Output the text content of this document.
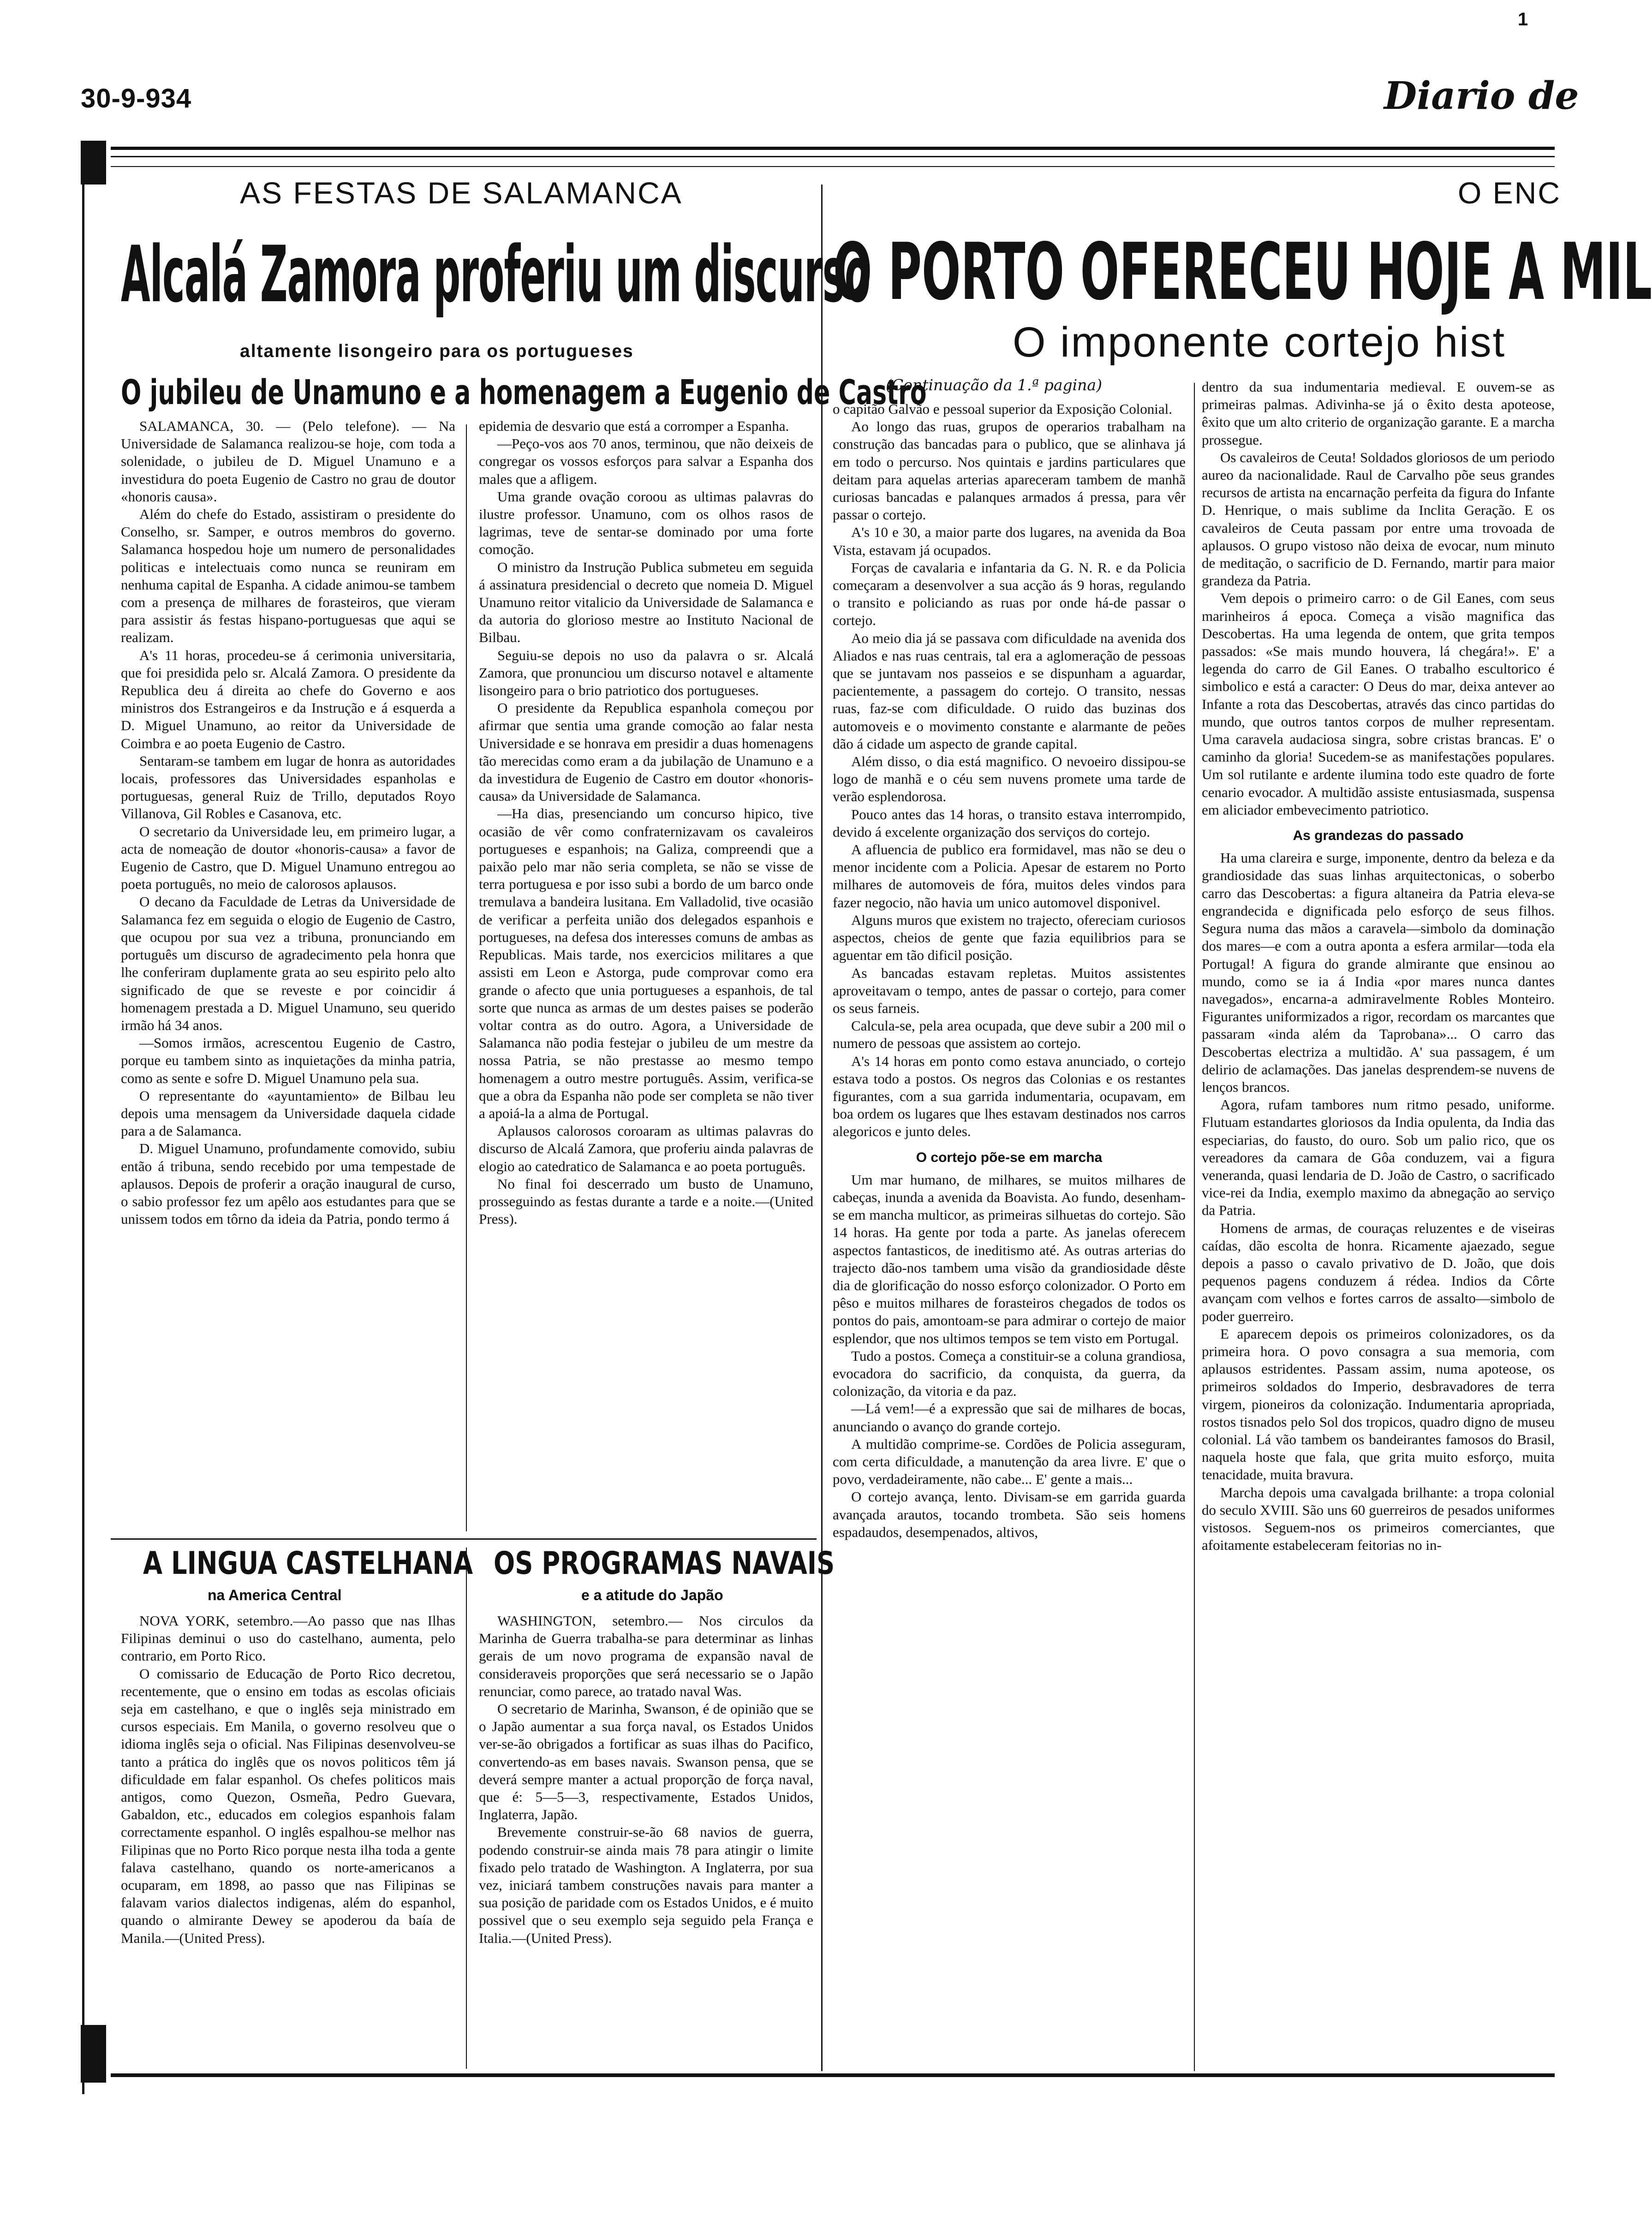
30-9-934	Diario de
1
AS FESTAS DE SALAMANCA
Alcalá Zamora proferiu um discurso
altamente lisongeiro para os portugueses
O jubileu de Unamuno e a homenagem a Eugenio de Castro

SALAMANCA, 30. — (Pelo telefone). — Na Universidade de Salamanca realizou-se hoje, com toda a solenidade, o jubileu de D. Miguel Unamuno e a investidura do poeta Eugenio de Castro no grau de doutor «honoris causa».

Além do chefe do Estado, assistiram o presidente do Conselho, sr. Samper, e outros membros do governo. Salamanca hospedou hoje um numero de personalidades politicas e intelectuais como nunca se reuniram em nenhuma capital de Espanha. A cidade animou-se tambem com a presença de milhares de forasteiros, que vieram para assistir ás festas hispano-portuguesas que aqui se realizam.

A's 11 horas, procedeu-se á cerimonia universitaria, que foi presidida pelo sr. Alcalá Zamora. O presidente da Republica deu á direita ao chefe do Governo e aos ministros dos Estrangeiros e da Instrução e á esquerda a D. Miguel Unamuno, ao reitor da Universidade de Coimbra e ao poeta Eugenio de Castro.

Sentaram-se tambem em lugar de honra as autoridades locais, professores das Universidades espanholas e portuguesas, general Ruiz de Trillo, deputados Royo Villanova, Gil Robles e Casanova, etc.

O secretario da Universidade leu, em primeiro lugar, a acta de nomeação de doutor «honoris-causa» a favor de Eugenio de Castro, que D. Miguel Unamuno entregou ao poeta português, no meio de calorosos aplausos.

O decano da Faculdade de Letras da Universidade de Salamanca fez em seguida o elogio de Eugenio de Castro, que ocupou por sua vez a tribuna, pronunciando em português um discurso de agradecimento pela honra que lhe conferiram duplamente grata ao seu espirito pelo alto significado de que se reveste e por coincidir á homenagem prestada a D. Miguel Unamuno, seu querido irmão há 34 anos.

—Somos irmãos, acrescentou Eugenio de Castro, porque eu tambem sinto as inquietações da minha patria, como as sente e sofre D. Miguel Unamuno pela sua.

O representante do «ayuntamiento» de Bilbau leu depois uma mensagem da Universidade daquela cidade para a de Salamanca.

D. Miguel Unamuno, profundamente comovido, subiu então á tribuna, sendo recebido por uma tempestade de aplausos. Depois de proferir a oração inaugural de curso, o sabio professor fez um apêlo aos estudantes para que se unissem todos em tôrno da ideia da Patria, pondo termo á

epidemia de desvario que está a corromper a Espanha.

—Peço-vos aos 70 anos, terminou, que não deixeis de congregar os vossos esforços para salvar a Espanha dos males que a afligem.

Uma grande ovação coroou as ultimas palavras do ilustre professor. Unamuno, com os olhos rasos de lagrimas, teve de sentar-se dominado por uma forte comoção.

O ministro da Instrução Publica submeteu em seguida á assinatura presidencial o decreto que nomeia D. Miguel Unamuno reitor vitalicio da Universidade de Salamanca e da autoria do glorioso mestre ao Instituto Nacional de Bilbau.

Seguiu-se depois no uso da palavra o sr. Alcalá Zamora, que pronunciou um discurso notavel e altamente lisongeiro para o brio patriotico dos portugueses.

O presidente da Republica espanhola começou por afirmar que sentia uma grande comoção ao falar nesta Universidade e se honrava em presidir a duas homenagens tão merecidas como eram a da jubilação de Unamuno e a da investidura de Eugenio de Castro em doutor «honoris-causa» da Universidade de Salamanca.

—Ha dias, presenciando um concurso hipico, tive ocasião de vêr como confraternizavam os cavaleiros portugueses e espanhois; na Galiza, compreendi que a paixão pelo mar não seria completa, se não se visse de terra portuguesa e por isso subi a bordo de um barco onde tremulava a bandeira lusitana. Em Valladolid, tive ocasião de verificar a perfeita união dos delegados espanhois e portugueses, na defesa dos interesses comuns de ambas as Republicas. Mais tarde, nos exercicios militares a que assisti em Leon e Astorga, pude comprovar como era grande o afecto que unia portugueses a espanhois, de tal sorte que nunca as armas de um destes paises se poderão voltar contra as do outro. Agora, a Universidade de Salamanca não podia festejar o jubileu de um mestre da nossa Patria, se não prestasse ao mesmo tempo homenagem a outro mestre português. Assim, verifica-se que a obra da Espanha não pode ser completa se não tiver a apoiá-la a alma de Portugal.

Aplausos calorosos coroaram as ultimas palavras do discurso de Alcalá Zamora, que proferiu ainda palavras de elogio ao catedratico de Salamanca e ao poeta português.

No final foi descerrado um busto de Unamuno, prosseguindo as festas durante a tarde e a noite.—(United Press).

A LINGUA CASTELHANA
na America Central

NOVA YORK, setembro.—Ao passo que nas Ilhas Filipinas deminui o uso do castelhano, aumenta, pelo contrario, em Porto Rico.

O comissario de Educação de Porto Rico decretou, recentemente, que o ensino em todas as escolas oficiais seja em castelhano, e que o inglês seja ministrado em cursos especiais. Em Manila, o governo resolveu que o idioma inglês seja o oficial. Nas Filipinas desenvolveu-se tanto a prática do inglês que os novos politicos têm já dificuldade em falar espanhol. Os chefes politicos mais antigos, como Quezon, Osmeña, Pedro Guevara, Gabaldon, etc., educados em colegios espanhois falam correctamente espanhol. O inglês espalhou-se melhor nas Filipinas que no Porto Rico porque nesta ilha toda a gente falava castelhano, quando os norte-americanos a ocuparam, em 1898, ao passo que nas Filipinas se falavam varios dialectos indigenas, além do espanhol, quando o almirante Dewey se apoderou da baía de Manila.—(United Press).

OS PROGRAMAS NAVAIS
e a atitude do Japão

WASHINGTON, setembro.— Nos circulos da Marinha de Guerra trabalha-se para determinar as linhas gerais de um novo programa de expansão naval de consideraveis proporções que será necessario se o Japão renunciar, como parece, ao tratado naval Was.

O secretario de Marinha, Swanson, é de opinião que se o Japão aumentar a sua força naval, os Estados Unidos ver-se-ão obrigados a fortificar as suas ilhas do Pacifico, convertendo-as em bases navais. Swanson pensa, que se deverá sempre manter a actual proporção de força naval, que é: 5—5—3, respectivamente, Estados Unidos, Inglaterra, Japão.

Brevemente construir-se-ão 68 navios de guerra, podendo construir-se ainda mais 78 para atingir o limite fixado pelo tratado de Washington. A Inglaterra, por sua vez, iniciará tambem construções navais para manter a sua posição de paridade com os Estados Unidos, e é muito possivel que o seu exemplo seja seguido pela França e Italia.—(United Press).

O ENC
O PORTO OFERECEU HOJE A MIL
O imponente cortejo hist
(Continuação da 1.ª pagina)

o capitão Galvão e pessoal superior da Exposição Colonial.

Ao longo das ruas, grupos de operarios trabalham na construção das bancadas para o publico, que se alinhava já em todo o percurso. Nos quintais e jardins particulares que deitam para aquelas arterias apareceram tambem de manhã curiosas bancadas e palanques armados á pressa, para vêr passar o cortejo.

A's 10 e 30, a maior parte dos lugares, na avenida da Boa Vista, estavam já ocupados.

Forças de cavalaria e infantaria da G. N. R. e da Policia começaram a desenvolver a sua acção ás 9 horas, regulando o transito e policiando as ruas por onde há-de passar o cortejo.

Ao meio dia já se passava com dificuldade na avenida dos Aliados e nas ruas centrais, tal era a aglomeração de pessoas que se juntavam nos passeios e se dispunham a aguardar, pacientemente, a passagem do cortejo. O transito, nessas ruas, faz-se com dificuldade. O ruido das buzinas dos automoveis e o movimento constante e alarmante de peões dão á cidade um aspecto de grande capital.

Além disso, o dia está magnifico. O nevoeiro dissipou-se logo de manhã e o céu sem nuvens promete uma tarde de verão esplendorosa.

Pouco antes das 14 horas, o transito estava interrompido, devido á excelente organização dos serviços do cortejo.

A afluencia de publico era formidavel, mas não se deu o menor incidente com a Policia. Apesar de estarem no Porto milhares de automoveis de fóra, muitos deles vindos para fazer negocio, não havia um unico automovel disponivel.

Alguns muros que existem no trajecto, ofereciam curiosos aspectos, cheios de gente que fazia equilibrios para se aguentar em tão dificil posição.

As bancadas estavam repletas. Muitos assistentes aproveitavam o tempo, antes de passar o cortejo, para comer os seus farneis.

Calcula-se, pela area ocupada, que deve subir a 200 mil o numero de pessoas que assistem ao cortejo.

A's 14 horas em ponto como estava anunciado, o cortejo estava todo a postos. Os negros das Colonias e os restantes figurantes, com a sua garrida indumentaria, ocupavam, em boa ordem os lugares que lhes estavam destinados nos carros alegoricos e junto deles.

O cortejo põe-se em marcha

Um mar humano, de milhares, se muitos milhares de cabeças, inunda a avenida da Boavista. Ao fundo, desenham-se em mancha multicor, as primeiras silhuetas do cortejo. São 14 horas. Ha gente por toda a parte. As janelas oferecem aspectos fantasticos, de ineditismo até. As outras arterias do trajecto dão-nos tambem uma visão da grandiosidade dêste dia de glorificação do nosso esforço colonizador. O Porto em pêso e muitos milhares de forasteiros chegados de todos os pontos do pais, amontoam-se para admirar o cortejo de maior esplendor, que nos ultimos tempos se tem visto em Portugal.

Tudo a postos. Começa a constituir-se a coluna grandiosa, evocadora do sacrificio, da conquista, da guerra, da colonização, da vitoria e da paz.

—Lá vem!—é a expressão que sai de milhares de bocas, anunciando o avanço do grande cortejo.

A multidão comprime-se. Cordões de Policia asseguram, com certa dificuldade, a manutenção da area livre. E' que o povo, verdadeiramente, não cabe... E' gente a mais...

O cortejo avança, lento. Divisam-se em garrida guarda avançada arautos, tocando trombeta. São seis homens espadaudos, desempenados, altivos,

dentro da sua indumentaria medieval. E ouvem-se as primeiras palmas. Adivinha-se já o êxito desta apoteose, êxito que um alto criterio de organização garante. E a marcha prossegue.

Os cavaleiros de Ceuta! Soldados gloriosos de um periodo aureo da nacionalidade. Raul de Carvalho põe seus grandes recursos de artista na encarnação perfeita da figura do Infante D. Henrique, o mais sublime da Inclita Geração. E os cavaleiros de Ceuta passam por entre uma trovoada de aplausos. O grupo vistoso não deixa de evocar, num minuto de meditação, o sacrificio de D. Fernando, martir para maior grandeza da Patria.

Vem depois o primeiro carro: o de Gil Eanes, com seus marinheiros á epoca. Começa a visão magnifica das Descobertas. Ha uma legenda de ontem, que grita tempos passados: «Se mais mundo houvera, lá chegára!». E' a legenda do carro de Gil Eanes. O trabalho escultorico é simbolico e está a caracter: O Deus do mar, deixa antever ao Infante a rota das Descobertas, através das cinco partidas do mundo, que outros tantos corpos de mulher representam. Uma caravela audaciosa singra, sobre cristas brancas. E' o caminho da gloria! Sucedem-se as manifestações populares. Um sol rutilante e ardente ilumina todo este quadro de forte cenario evocador. A multidão assiste entusiasmada, suspensa em aliciador embevecimento patriotico.

As grandezas do passado

Ha uma clareira e surge, imponente, dentro da beleza e da grandiosidade das suas linhas arquitectonicas, o soberbo carro das Descobertas: a figura altaneira da Patria eleva-se engrandecida e dignificada pelo esforço de seus filhos. Segura numa das mãos a caravela—simbolo da dominação dos mares—e com a outra aponta a esfera armilar—toda ela Portugal! A figura do grande almirante que ensinou ao mundo, como se ia á India «por mares nunca dantes navegados», encarna-a admiravelmente Robles Monteiro. Figurantes uniformizados a rigor, recordam os marcantes que passaram «inda além da Taprobana»... O carro das Descobertas electriza a multidão. A' sua passagem, é um delirio de aclamações. Das janelas desprendem-se nuvens de lenços brancos.

Agora, rufam tambores num ritmo pesado, uniforme. Flutuam estandartes gloriosos da India opulenta, da India das especiarias, do fausto, do ouro. Sob um palio rico, que os vereadores da camara de Gôa conduzem, vai a figura veneranda, quasi lendaria de D. João de Castro, o sacrificado vice-rei da India, exemplo maximo da abnegação ao serviço da Patria.

Homens de armas, de couraças reluzentes e de viseiras caídas, dão escolta de honra. Ricamente ajaezado, segue depois a passo o cavalo privativo de D. João, que dois pequenos pagens conduzem á rédea. Indios da Côrte avançam com velhos e fortes carros de assalto—simbolo de poder guerreiro.

E aparecem depois os primeiros colonizadores, os da primeira hora. O povo consagra a sua memoria, com aplausos estridentes. Passam assim, numa apoteose, os primeiros soldados do Imperio, desbravadores de terra virgem, pioneiros da colonização. Indumentaria apropriada, rostos tisnados pelo Sol dos tropicos, quadro digno de museu colonial. Lá vão tambem os bandeirantes famosos do Brasil, naquela hoste que fala, que grita muito esforço, muita tenacidade, muita bravura.

Marcha depois uma cavalgada brilhante: a tropa colonial do seculo XVIII. São uns 60 guerreiros de pesados uniformes vistosos. Seguem-nos os primeiros comerciantes, que afoitamente estabeleceram feitorias no in-
